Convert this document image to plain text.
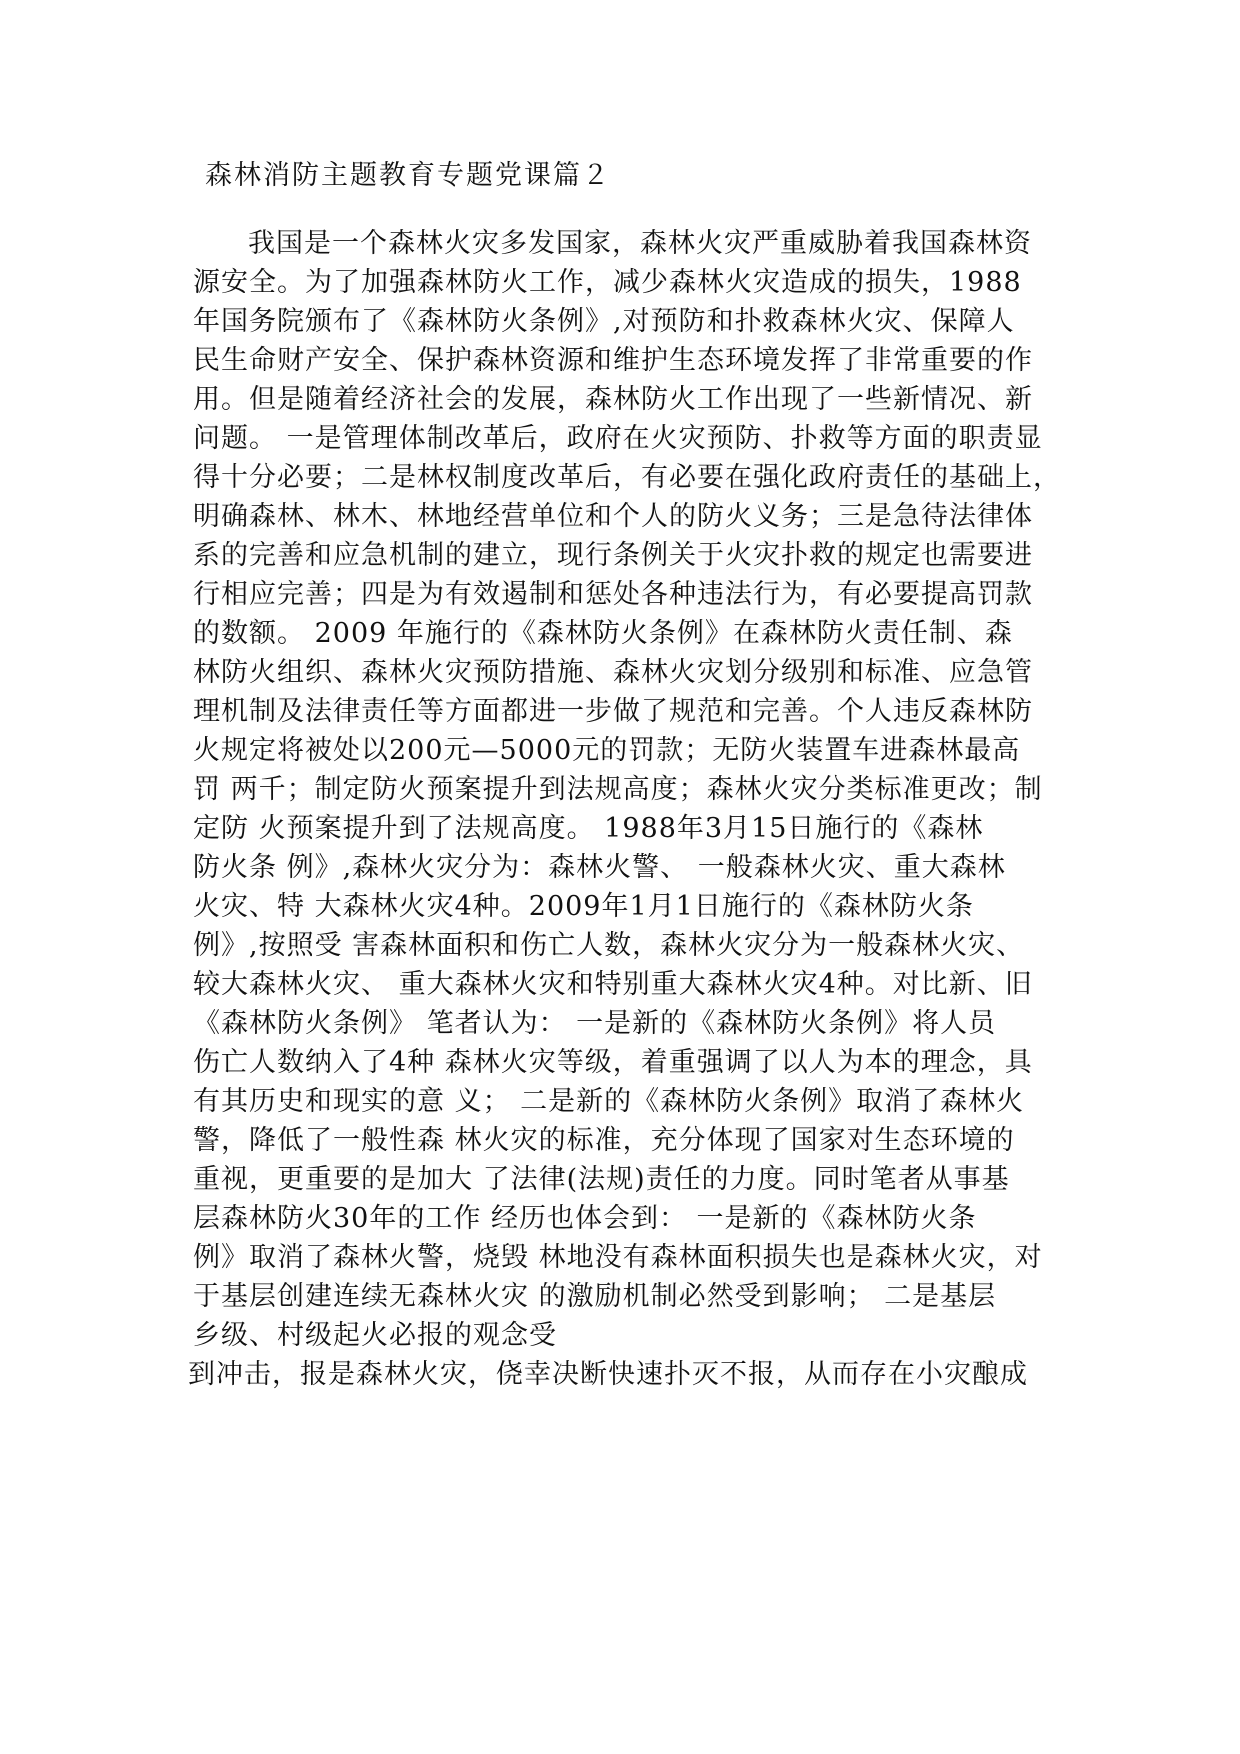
森林消防主题教育专题党课篇２

我国是一个森林火灾多发国家，森林火灾严重威胁着我国森林资

源安全。为了加强森林防火工作，减少森林火灾造成的损失，1988

年国务院颁布了《森林防火条例》,对预防和扑救森林火灾、保障人

民生命财产安全、保护森林资源和维护生态环境发挥了非常重要的作

用。但是随着经济社会的发展，森林防火工作出现了一些新情况、新

问题。 一是管理体制改革后，政府在火灾预防、扑救等方面的职责显

得十分必要；二是林权制度改革后，有必要在强化政府责任的基础上，

明确森林、林木、林地经营单位和个人的防火义务；三是急待法律体

系的完善和应急机制的建立，现行条例关于火灾扑救的规定也需要进

行相应完善；四是为有效遏制和惩处各种违法行为，有必要提高罚款

的数额。 2009 年施行的《森林防火条例》在森林防火责任制、森

林防火组织、森林火灾预防措施、森林火灾划分级别和标准、应急管

理机制及法律责任等方面都进一步做了规范和完善。个人违反森林防

火规定将被处以200元—5000元的罚款；无防火装置车进森林最高

罚 两千；制定防火预案提升到法规高度；森林火灾分类标准更改；制

定防 火预案提升到了法规高度。 1988年3月15日施行的《森林

防火条 例》,森林火灾分为：森林火警、 一般森林火灾、重大森林

火灾、特 大森林火灾4种。2009年1月1日施行的《森林防火条

例》,按照受 害森林面积和伤亡人数，森林火灾分为一般森林火灾、

较大森林火灾、 重大森林火灾和特别重大森林火灾4种。对比新、旧

《森林防火条例》 笔者认为： 一是新的《森林防火条例》将人员

伤亡人数纳入了4种 森林火灾等级，着重强调了以人为本的理念，具

有其历史和现实的意 义； 二是新的《森林防火条例》取消了森林火

警，降低了一般性森 林火灾的标准，充分体现了国家对生态环境的

重视，更重要的是加大 了法律(法规)责任的力度。同时笔者从事基

层森林防火30年的工作 经历也体会到： 一是新的《森林防火条

例》取消了森林火警，烧毁 林地没有森林面积损失也是森林火灾，对

于基层创建连续无森林火灾 的激励机制必然受到影响； 二是基层

乡级、村级起火必报的观念受

到冲击，报是森林火灾，侥幸决断快速扑灭不报，从而存在小灾酿成
